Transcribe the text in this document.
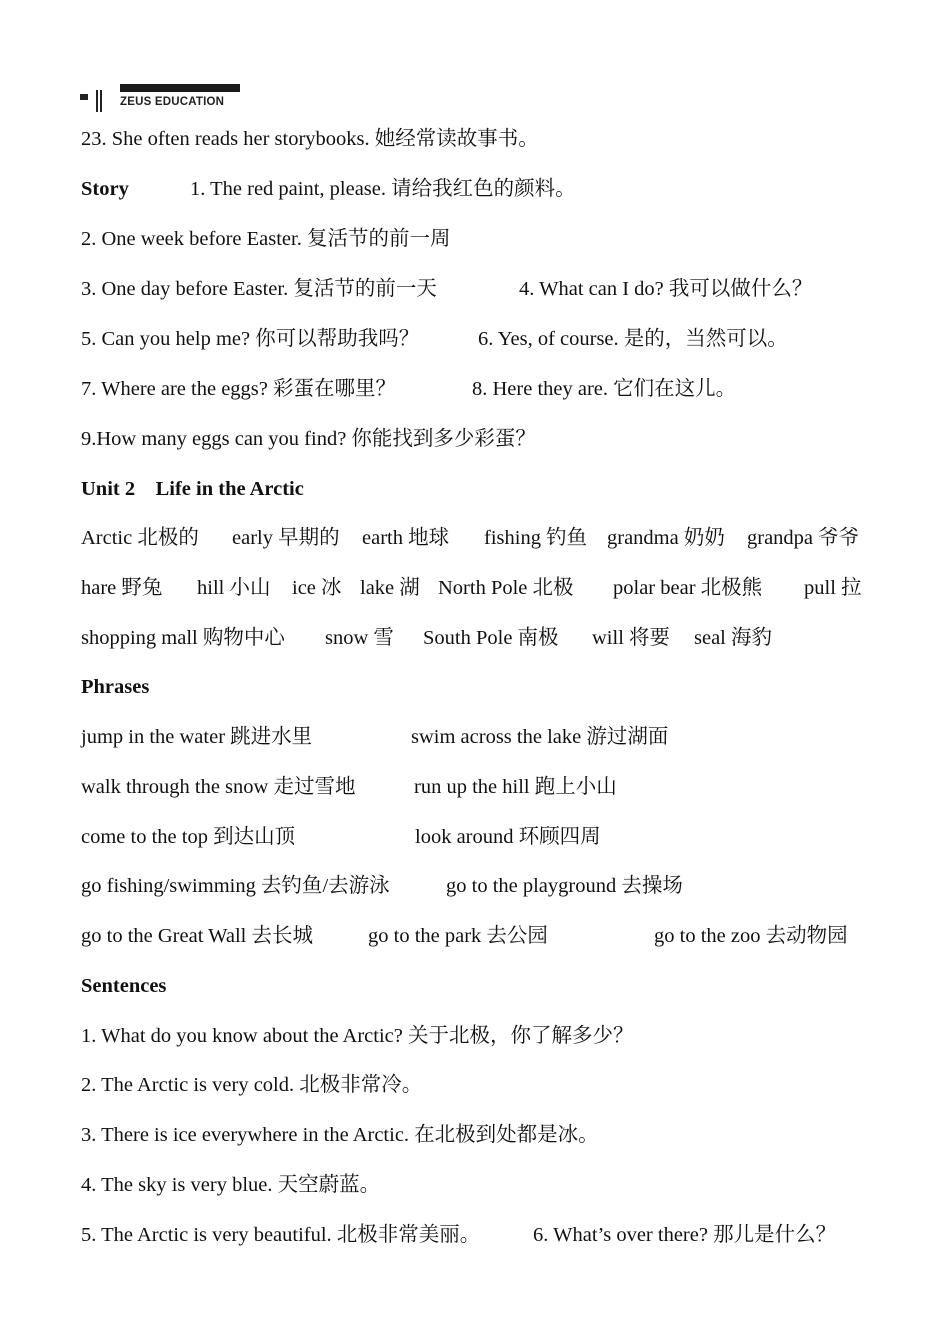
ZEUS EDUCATION
23. She often reads her storybooks. 她经常读故事书。
Story	1. The red paint, please. 请给我红色的颜料。
2. One week before Easter. 复活节的前一周
3. One day before Easter. 复活节的前一天	4. What can I do? 我可以做什么？
5. Can you help me? 你可以帮助我吗？	6. Yes, of course. 是的，当然可以。
7. Where are the eggs? 彩蛋在哪里？	8. Here they are. 它们在这儿。
9.How many eggs can you find? 你能找到多少彩蛋？
Unit 2    Life in the Arctic
Arctic 北极的 early 早期的 earth 地球 fishing 钓鱼 grandma 奶奶 grandpa 爷爷
hare 野兔 hill 小山 ice 冰 lake 湖 North Pole 北极 polar bear 北极熊 pull 拉
shopping mall 购物中心 snow 雪 South Pole 南极 will 将要 seal 海豹
Phrases
jump in the water 跳进水里	swim across the lake 游过湖面
walk through the snow 走过雪地	run up the hill 跑上小山
come to the top 到达山顶	look around 环顾四周
go fishing/swimming 去钓鱼/去游泳	go to the playground 去操场
go to the Great Wall 去长城	go to the park 去公园	go to the zoo 去动物园
Sentences
1. What do you know about the Arctic? 关于北极，你了解多少？
2. The Arctic is very cold. 北极非常冷。
3. There is ice everywhere in the Arctic. 在北极到处都是冰。
4. The sky is very blue. 天空蔚蓝。
5. The Arctic is very beautiful. 北极非常美丽。	6. What’s over there? 那儿是什么？
